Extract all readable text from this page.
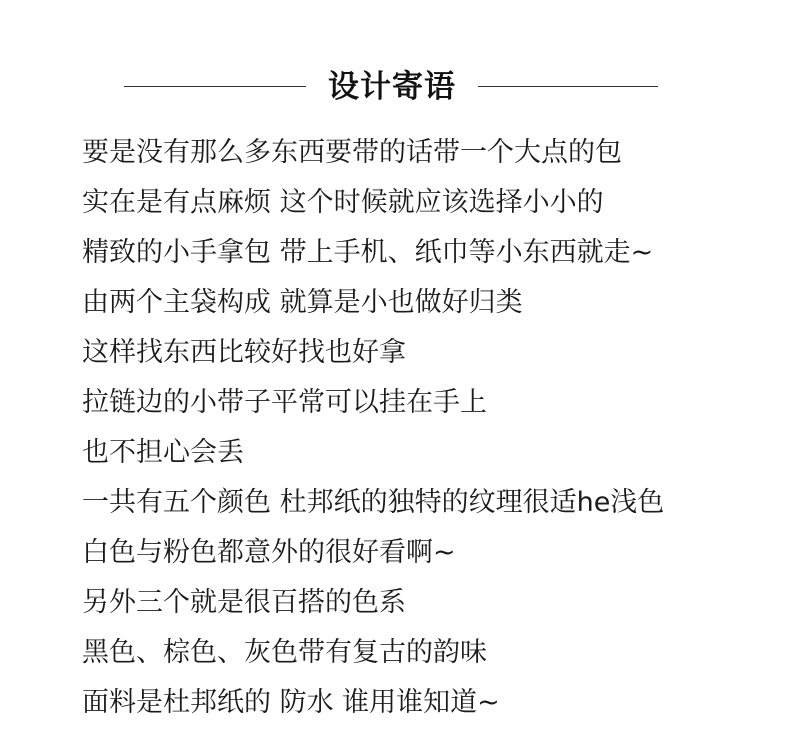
设计寄语
要是没有那么多东西要带的话带一个大点的包
实在是有点麻烦 这个时候就应该选择小小的
精致的小手拿包 带上手机、纸巾等小东西就走~
由两个主袋构成 就算是小也做好归类
这样找东西比较好找也好拿
拉链边的小带子平常可以挂在手上
也不担心会丢
一共有五个颜色 杜邦纸的独特的纹理很适he浅色
白色与粉色都意外的很好看啊~
另外三个就是很百搭的色系
黑色、棕色、灰色带有复古的韵味
面料是杜邦纸的 防水 谁用谁知道~
